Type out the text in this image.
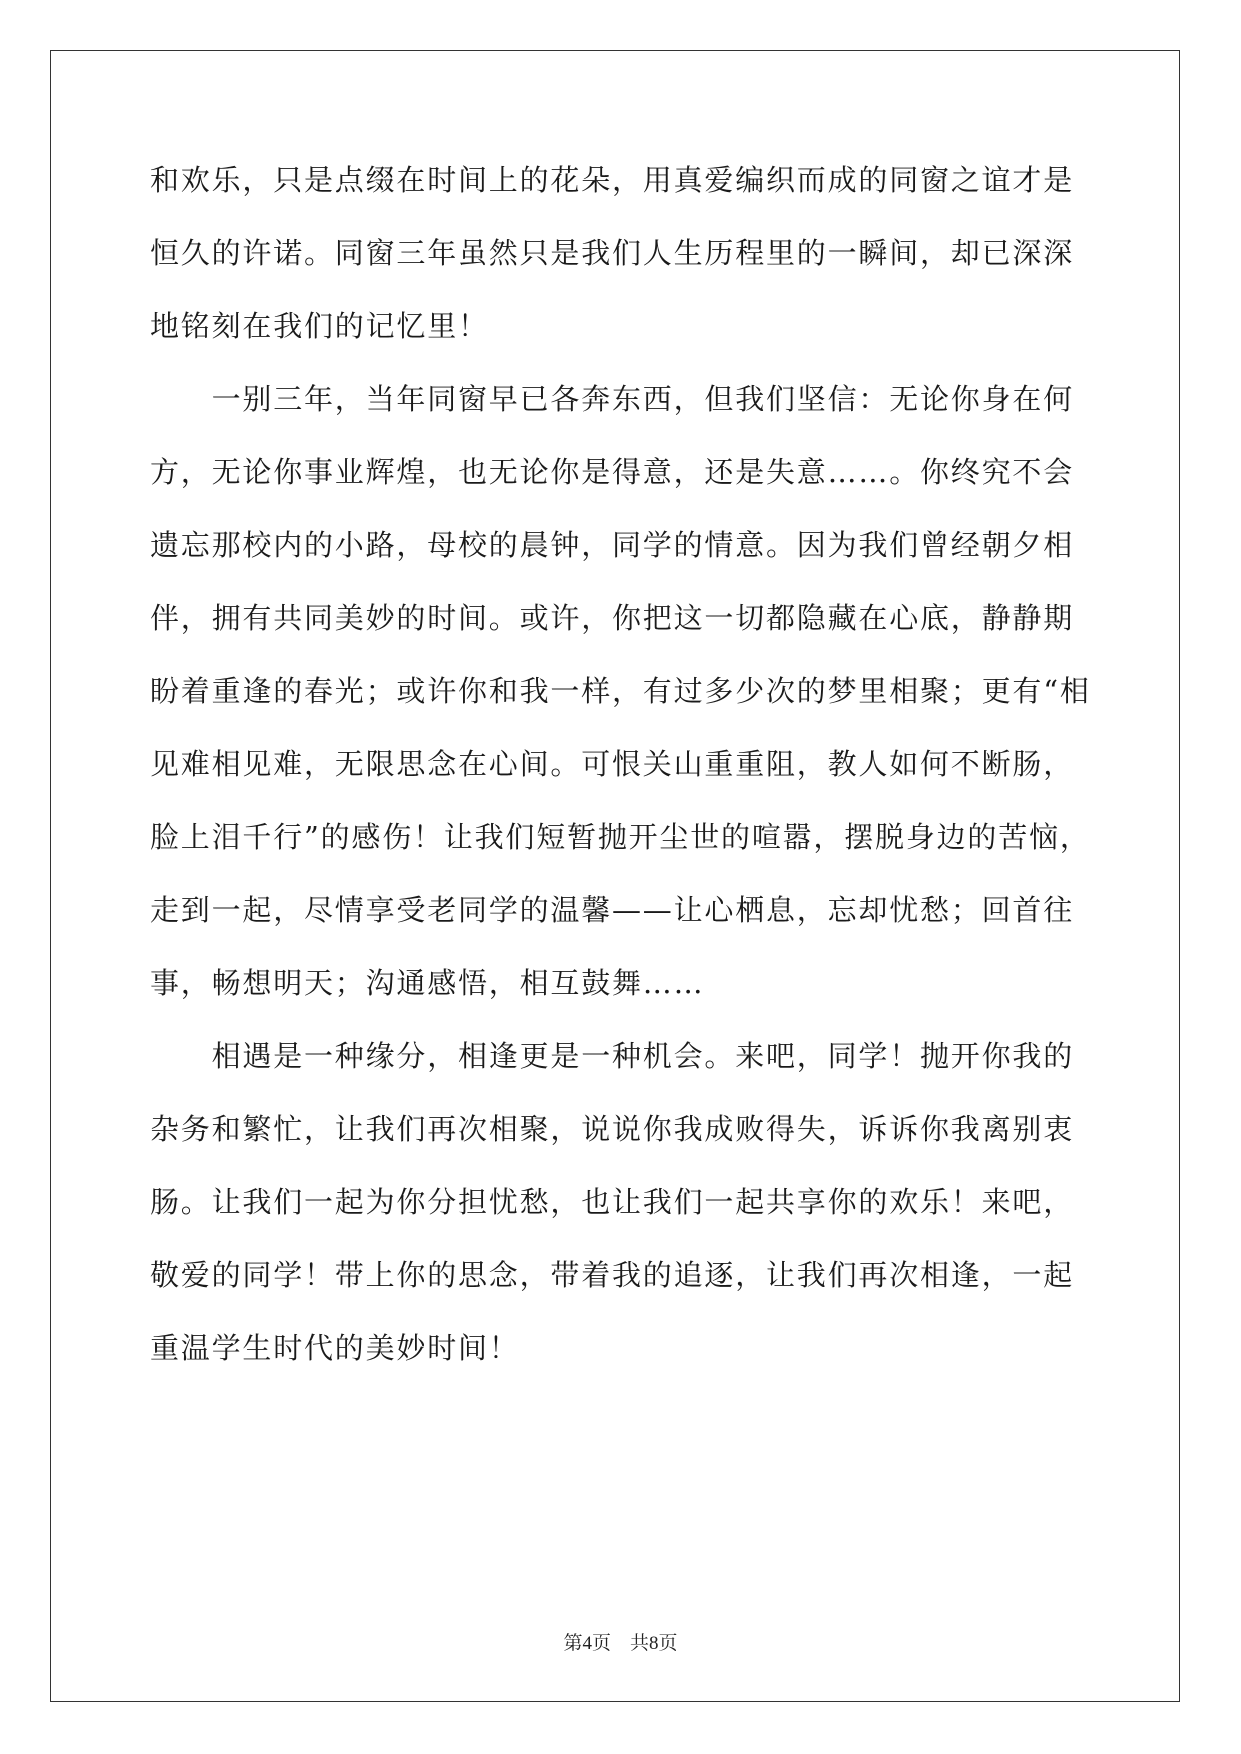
和欢乐，只是点缀在时间上的花朵，用真爱编织而成的同窗之谊才是
恒久的许诺。同窗三年虽然只是我们人生历程里的一瞬间，却已深深
地铭刻在我们的记忆里！
　　一别三年，当年同窗早已各奔东西，但我们坚信：无论你身在何
方，无论你事业辉煌，也无论你是得意，还是失意……。你终究不会
遗忘那校内的小路，母校的晨钟，同学的情意。因为我们曾经朝夕相
伴，拥有共同美妙的时间。或许，你把这一切都隐藏在心底，静静期
盼着重逢的春光；或许你和我一样，有过多少次的梦里相聚；更有“相
见难相见难，无限思念在心间。可恨关山重重阻，教人如何不断肠，
脸上泪千行”的感伤！让我们短暂抛开尘世的喧嚣，摆脱身边的苦恼，
走到一起，尽情享受老同学的温馨——让心栖息，忘却忧愁；回首往
事，畅想明天；沟通感悟，相互鼓舞……
　　相遇是一种缘分，相逢更是一种机会。来吧，同学！抛开你我的
杂务和繁忙，让我们再次相聚，说说你我成败得失，诉诉你我离别衷
肠。让我们一起为你分担忧愁，也让我们一起共享你的欢乐！来吧，
敬爱的同学！带上你的思念，带着我的追逐，让我们再次相逢，一起
重温学生时代的美妙时间！
第4页　共8页
